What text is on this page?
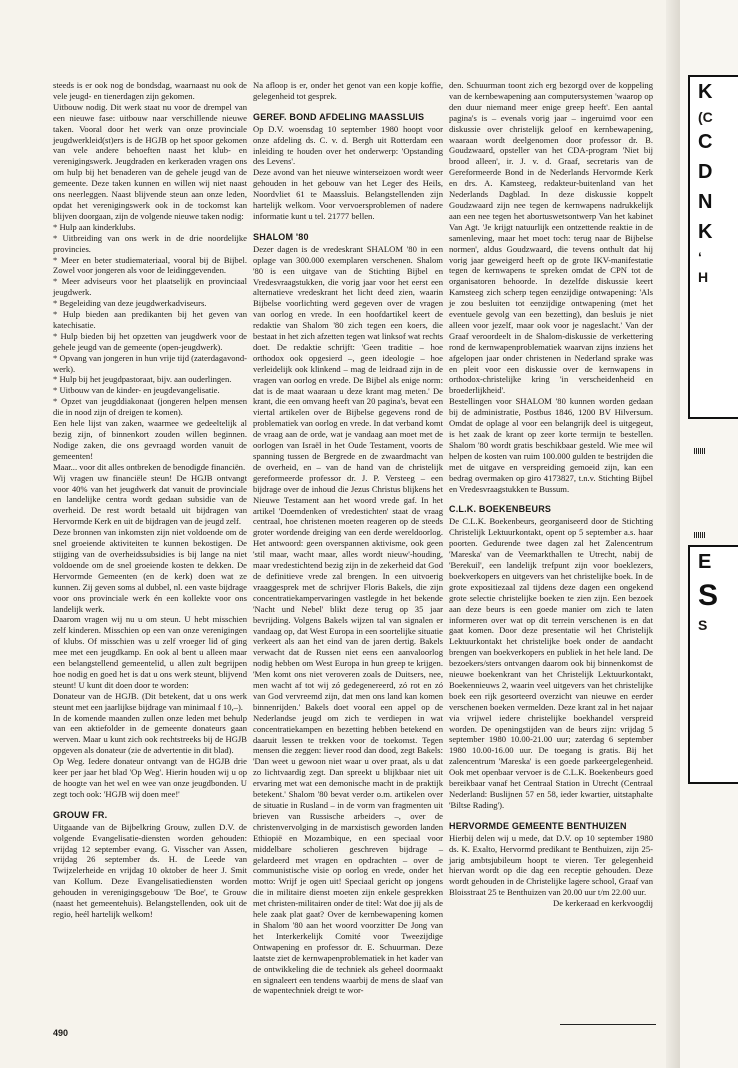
steeds is er ook nog de bondsdag, waarnaast nu ook de vele jeugd- en tienerdagen zijn gekomen.

Uitbouw nodig. Dit werk staat nu voor de drempel van een nieuwe fase: uitbouw naar verschillende nieuwe taken. Vooral door het werk van onze provinciale jeugdwerkleid(st)ers is de HGJB op het spoor gekomen van vele andere behoeften naast het klub- en verenigingswerk. Jeugdraden en kerkeraden vragen ons om hulp bij het benaderen van de gehele jeugd van de gemeente. Deze taken kunnen en willen wij niet naast ons neerleggen. Naast blijvende steun aan onze leden, opdat het verenigingswerk ook in de tockomst kan blijven doorgaan, zijn de volgende nieuwe taken nodig:

* Hulp aan kinderklubs.

* Uitbreiding van ons werk in de drie noordelijke provincies.

* Meer en beter studiemateriaal, vooral bij de Bijbel. Zowel voor jongeren als voor de leidinggevenden.

* Meer adviseurs voor het plaatselijk en provinciaal jeugdwerk.

* Begeleiding van deze jeugdwerkadviseurs.

* Hulp bieden aan predikanten bij het geven van katechisatie.

* Hulp bieden bij het opzetten van jeugdwerk voor de gehele jeugd van de gemeente (open-jeugdwerk).

* Opvang van jongeren in hun vrije tijd (zaterdagavond-werk).

* Hulp bij het jeugdpastoraat, bijv. aan ouderlingen.

* Uitbouw van de kinder- en jeugdevangelisatie.

* Opzet van jeugddiakonaat (jongeren helpen mensen die in nood zijn of dreigen te komen).

Een hele lijst van zaken, waarmee we gedeeltelijk al bezig zijn, of binnenkort zouden willen beginnen. Nodige zaken, die ons gevraagd worden vanuit de gemeenten!

Maar... voor dit alles ontbreken de benodigde financiën.

Wij vragen uw financiële steun! De HGJB ontvangt voor 40% van het jeugdwerk dat vanuit de provinciale en landelijke centra wordt gedaan subsidie van de overheid. De rest wordt betaald uit bijdragen van Hervormde Kerk en uit de bijdragen van de jeugd zelf.

Deze bronnen van inkomsten zijn niet voldoende om de snel groeiende aktiviteiten te kunnen bekostigen. De stijging van de overheidssubsidies is bij lange na niet voldoende om de snel groeiende kosten te dekken. De Hervormde Gemeenten (en de kerk) doen wat ze kunnen. Zij geven soms al dubbel, nl. een vaste bijdrage voor ons provinciale werk én een kollekte voor ons landelijk werk.

Daarom vragen wij nu u om steun. U hebt misschien zelf kinderen. Misschien op een van onze verenigingen of klubs. Of misschien was u zelf vroeger lid of ging mee met een jeugdkamp. En ook al bent u alleen maar een belangstellend gemeentelid, u allen zult begrijpen hoe nodig en goed het is dat u ons werk steunt, blijvend steunt! U kunt dit doen door te worden:

Donateur van de HGJB. (Dit betekent, dat u ons werk steunt met een jaarlijkse bijdrage van minimaal f 10,–).

In de komende maanden zullen onze leden met behulp van een aktiefolder in de gemeente donateurs gaan werven. Maar u kunt zich ook rechtstreeks bij de HGJB opgeven als donateur (zie de advertentie in dit blad).

Op Weg. Iedere donateur ontvangt van de HGJB drie keer per jaar het blad 'Op Weg'. Hierin houden wij u op de hoogte van het wel en wee van onze jeugdbonden. U zegt toch ook: 'HGJB wij doen mee!'

GROUW FR.

Uitgaande van de Bijbelkring Grouw, zullen D.V. de volgende Evangelisatie-diensten worden gehouden: vrijdag 12 september evang. G. Visscher van Assen, vrijdag 26 september ds. H. de Leede van Twijzelerheide en vrijdag 10 oktober de heer J. Smit van Kollum. Deze Evangelisatiediensten worden gehouden in verenigingsgebouw 'De Boe', te Grouw (naast het gemeentehuis). Belangstellenden, ook uit de regio, heél hartelijk welkom!

Na afloop is er, onder het genot van een kopje koffie, gelegenheid tot gesprek.

GEREF. BOND AFDELING MAASSLUIS

Op D.V. woensdag 10 september 1980 hoopt voor onze afdeling ds. C. v. d. Bergh uit Rotterdam een inleiding te houden over het onderwerp: 'Opstanding des Levens'.

Deze avond van het nieuwe winterseizoen wordt weer gehouden in het gebouw van het Leger des Heils, Noordvliet 61 te Maassluis. Belangstellenden zijn hartelijk welkom. Voor vervoersproblemen of nadere informatie kunt u tel. 21777 bellen.

SHALOM '80

Dezer dagen is de vredeskrant SHALOM '80 in een oplage van 300.000 exemplaren verschenen. Shalom '80 is een uitgave van de Stichting Bijbel en Vredesvraagstukken, die vorig jaar voor het eerst een alternatieve vredeskrant het licht deed zien, waarin Bijbelse voorlichting werd gegeven over de vragen van oorlog en vrede. In een hoofdartikel keert de redaktie van Shalom '80 zich tegen een koers, die bestaat in het zich afzetten tegen wat linksof wat rechts doet. De redaktie schrijft: 'Geen traditie – hoe orthodox ook opgesierd –, geen ideologie – hoe verleidelijk ook klinkend – mag de leidraad zijn in de vragen van oorlog en vrede. De Bijbel als enige norm: dat is de maat waaraan u deze krant mag meten.' De krant, die een omvang heeft van 20 pagina's, bevat een viertal artikelen over de Bijbelse gegevens rond de problematiek van oorlog en vrede. In dat verband komt de vraag aan de orde, wat je vandaag aan moet met de oorlogen van Israël in het Oude Testament, voorts de spanning tussen de Bergrede en de zwaardmacht van de overheid, en – van de hand van de christelijk gereformeerde professor dr. J. P. Versteeg – een bijdrage over de inhoud die Jezus Christus blijkens het Nieuwe Testament aan het woord vrede gaf. In het artikel 'Doemdenken of vredestichten' staat de vraag centraal, hoe christenen moeten reageren op de steeds groter wordende dreiging van een derde wereldoorlog. Het antwoord: geen overspannen aktivisme, ook geen 'stil maar, wacht maar, alles wordt nieuw'-houding, maar vredestichtend bezig zijn in de zekerheid dat God de definitieve vrede zal brengen. In een uitvoerig vraaggesprek met de schrijver Floris Bakels, die zijn concentratiekampervaringen vastlegde in het bekende 'Nacht und Nebel' blikt deze terug op 35 jaar bevrijding. Volgens Bakels wijzen tal van signalen er vandaag op, dat West Europa in een soortelijke situatie verkeert als aan het eind van de jaren dertig. Bakels verwacht dat de Russen niet eens een aanvaloorlog nodig hebben om West Europa in hun greep te krijgen. 'Men komt ons niet veroveren zoals de Duitsers, nee, men wacht af tot wij zó gedegenereerd, zó rot en zó van God vervreemd zijn, dat men ons land kan komen binnenrijden.' Bakels doet vooral een appel op de Nederlandse jeugd om zich te verdiepen in wat concentratiekampen en bezetting hebben betekend en daaruit lessen te trekken voor de toekomst. Tegen mensen die zeggen: liever rood dan dood, zegt Bakels: 'Dan weet u gewoon niet waar u over praat, als u dat zo lichtvaardig zegt. Dan spreekt u blijkbaar niet uit ervaring met wat een demonische macht in de praktijk betekent.' Shalom '80 bevat verder o.m. artikelen over de situatie in Rusland – in de vorm van fragmenten uit brieven van Russische arbeiders –, over de christenvervolging in de marxistisch geworden landen Ethiopië en Mozambique, en een speciaal voor middelbare scholieren geschreven bijdrage – gelardeerd met vragen en opdrachten – over de communistische visie op oorlog en vrede, onder het motto: Wrijf je ogen uit! Speciaal gericht op jongens die in militaire dienst moeten zijn enkele gesprekken met christen-militairen onder de titel: Wat doe jij als de hele zaak plat gaat? Over de kernbewapening komen in Shalom '80 aan het woord voorzitter De Jong van het Interkerkelijk Comité voor Tweezijdige Ontwapening en professor dr. E. Schuurman. Deze laatste ziet de kernwapenproblematiek in het kader van de ontwikkeling die de techniek als geheel doormaakt en signaleert een tendens waarbij de mens de slaaf van de wapentechniek dreigt te wor-

den. Schuurman toont zich erg bezorgd over de koppeling van de kernbewapening aan computersystemen 'waarop op den duur niemand meer enige greep heeft'. Een aantal pagina's is – evenals vorig jaar – ingeruimd voor een diskussie over christelijk geloof en kernbewapening, waaraan wordt deelgenomen door professor dr. B. Goudzwaard, opsteller van het CDA-program 'Niet bij brood alleen', ir. J. v. d. Graaf, secretaris van de Gereformeerde Bond in de Nederlands Hervormde Kerk en drs. A. Kamsteeg, redakteur-buitenland van het Nederlands Dagblad. In deze diskussie koppelt Goudzwaard zijn nee tegen de kernwapens nadrukkelijk aan een nee tegen het abortuswetsontwerp Van het kabinet Van Agt. 'Je krijgt natuurlijk een ontzettende reaktie in de samenleving, maar het moet toch: terug naar de Bijbelse normen', aldus Goudzwaard, die tevens onthult dat hij vorig jaar geweigerd heeft op de grote IKV-manifestatie tegen de kernwapens te spreken omdat de CPN tot de organisatoren behoorde. In dezelfde diskussie keert Kamsteeg zich scherp tegen eenzijdige ontwapening: 'Als je zou besluiten tot eenzijdige ontwapening (met het eventuele gevolg van een bezetting), dan besluis je niet alleen voor jezelf, maar ook voor je nageslacht.' Van der Graaf veroordeelt in de Shalom-diskussie de verkettering rond de kernwapenproblematiek waarvan zijns inziens het afgelopen jaar onder christenen in Nederland sprake was en pleit voor een diskussie over de kernwapens in orthodox-christelijke kring 'in verscheidenheid en broederlijkheid'.

Bestellingen voor SHALOM '80 kunnen worden gedaan bij de administratie, Postbus 1846, 1200 BV Hilversum. Omdat de oplage al voor een belangrijk deel is uitgegeut, is het zaak de krant op zeer korte termijn te bestellen. Shalom '80 wordt gratis beschikbaar gesteld. Wie mee wil helpen de kosten van ruim 100.000 gulden te bestrijden die met de uitgave en verspreiding gemoeid zijn, kan een bedrag overmaken op giro 4173827, t.n.v. Stichting Bijbel en Vredesvraagstukken te Bussum.

C.L.K. BOEKENBEURS

De C.L.K. Boekenbeurs, georganiseerd door de Stichting Christelijk Lektuurkontakt, opent op 5 september a.s. haar poorten. Gedurende twee dagen zal het Zalencentrum 'Mareska' van de Veemarkthallen te Utrecht, nabij de 'Berekuil', een landelijk trefpunt zijn voor boeklezers, boekverkopers en uitgevers van het christelijke boek. In de grote expositiezaal zal tijdens deze dagen een ongekend grote selectie christelijke boeken te zien zijn. Een bezoek aan deze beurs is een goede manier om zich te laten informeren over wat op dit terrein verschenen is en dat gaat komen. Door deze presentatie wil het Christelijk Lektuurkontakt het christelijke boek onder de aandacht brengen van boekverkopers en publiek in het hele land. De bezoekers/sters ontvangen daarom ook bij binnenkomst de nieuwe boekenkrant van het Christelijk Lektuurkontakt, Boekennieuws 2, waarin veel uitgevers van het christelijke boek een rijk gesorteerd overzicht van nieuwe en eerder verschenen boeken vermelden. Deze krant zal in het najaar via vrijwel iedere christelijke boekhandel verspreid worden. De openingstijden van de beurs zijn: vrijdag 5 september 1980 10.00-21.00 uur; zaterdag 6 september 1980 10.00-16.00 uur. De toegang is gratis. Bij het zalencentrum 'Mareska' is een goede parkeergelegenheid. Ook met openbaar vervoer is de C.L.K. Boekenbeurs goed bereikbaar vanaf het Centraal Station in Utrecht (Centraal Nederland: Buslijnen 57 en 58, ieder kwartier, uitstaphalte 'Biltse Rading').

HERVORMDE GEMEENTE BENTHUIZEN

Hierbij delen wij u mede, dat D.V. op 10 september 1980 ds. K. Exalto, Hervormd predikant te Benthuizen, zijn 25-jarig ambtsjubileum hoopt te vieren. Ter gelegenheid hiervan wordt op die dag een receptie gehouden. Deze wordt gehouden in de Christelijke lagere school, Graaf van Bloisstraat 25 te Benthuizen van 20.00 uur t/m 22.00 uur.

De kerkeraad en kerkvoogdij

490
K
(C
C
D
N
K
‘
H
E
S
S
